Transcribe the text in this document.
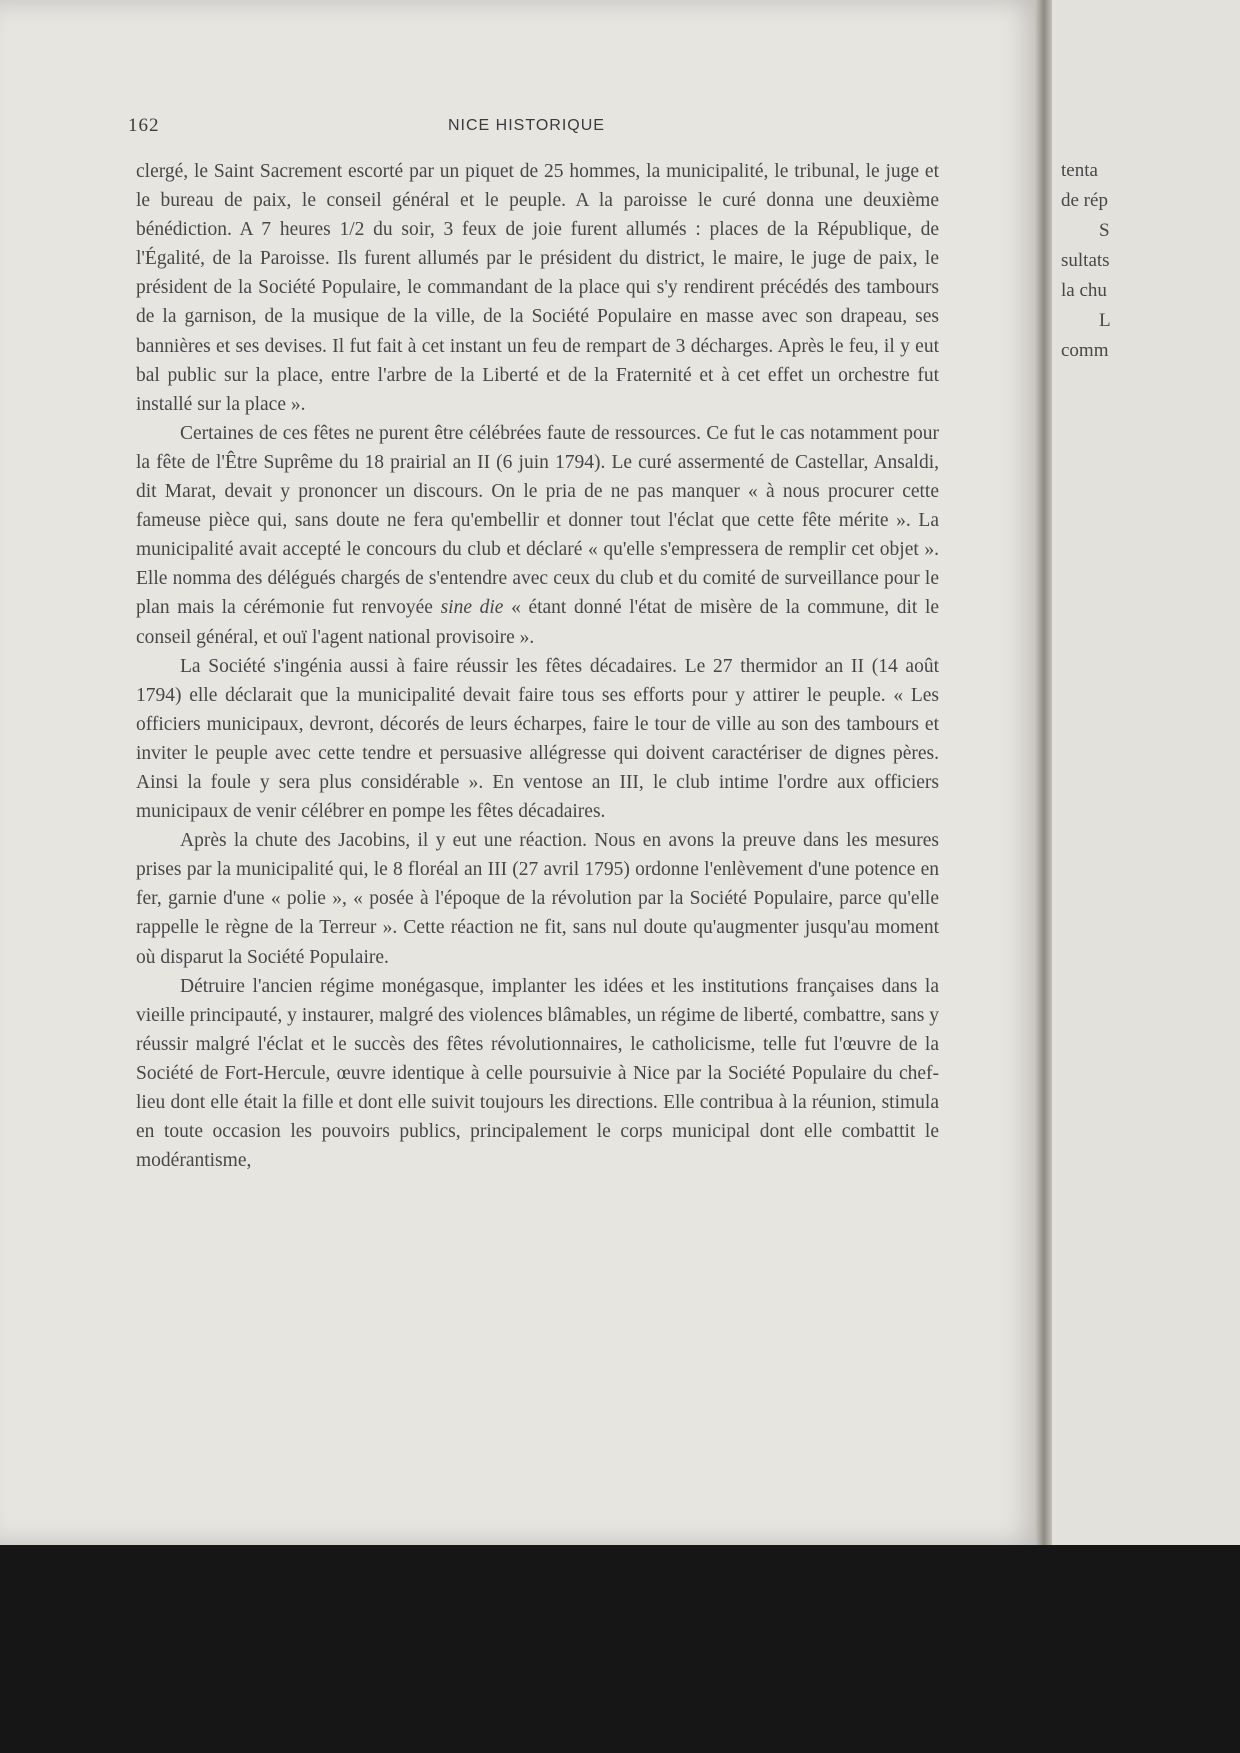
162	NICE HISTORIQUE

clergé, le Saint Sacrement escorté par un piquet de 25 hommes, la municipalité, le tribunal, le juge et le bureau de paix, le conseil général et le peuple. A la paroisse le curé donna une deuxième bénédiction. A 7 heures 1/2 du soir, 3 feux de joie furent allumés : places de la République, de l'Égalité, de la Paroisse. Ils furent allumés par le président du district, le maire, le juge de paix, le président de la Société Populaire, le commandant de la place qui s'y rendirent précédés des tambours de la garnison, de la musique de la ville, de la Société Populaire en masse avec son drapeau, ses bannières et ses devises. Il fut fait à cet instant un feu de rempart de 3 décharges. Après le feu, il y eut bal public sur la place, entre l'arbre de la Liberté et de la Fraternité et à cet effet un orchestre fut installé sur la place ».

Certaines de ces fêtes ne purent être célébrées faute de ressources. Ce fut le cas notamment pour la fête de l'Être Suprême du 18 prairial an II (6 juin 1794). Le curé assermenté de Castellar, Ansaldi, dit Marat, devait y prononcer un discours. On le pria de ne pas manquer « à nous procurer cette fameuse pièce qui, sans doute ne fera qu'embellir et donner tout l'éclat que cette fête mérite ». La municipalité avait accepté le concours du club et déclaré « qu'elle s'empressera de remplir cet objet ». Elle nomma des délégués chargés de s'entendre avec ceux du club et du comité de surveillance pour le plan mais la cérémonie fut renvoyée sine die « étant donné l'état de misère de la commune, dit le conseil général, et ouï l'agent national provisoire ».

La Société s'ingénia aussi à faire réussir les fêtes décadaires. Le 27 thermidor an II (14 août 1794) elle déclarait que la municipalité devait faire tous ses efforts pour y attirer le peuple. « Les officiers municipaux, devront, décorés de leurs écharpes, faire le tour de ville au son des tambours et inviter le peuple avec cette tendre et persuasive allégresse qui doivent caractériser de dignes pères. Ainsi la foule y sera plus considérable ». En ventose an III, le club intime l'ordre aux officiers municipaux de venir célébrer en pompe les fêtes décadaires.

Après la chute des Jacobins, il y eut une réaction. Nous en avons la preuve dans les mesures prises par la municipalité qui, le 8 floréal an III (27 avril 1795) ordonne l'enlèvement d'une potence en fer, garnie d'une « polie », « posée à l'époque de la révolution par la Société Populaire, parce qu'elle rappelle le règne de la Terreur ». Cette réaction ne fit, sans nul doute qu'augmenter jusqu'au moment où disparut la Société Populaire.

Détruire l'ancien régime monégasque, implanter les idées et les institutions françaises dans la vieille principauté, y instaurer, malgré des violences blâmables, un régime de liberté, combattre, sans y réussir malgré l'éclat et le succès des fêtes révolutionnaires, le catholicisme, telle fut l'œuvre de la Société de Fort-Hercule, œuvre identique à celle poursuivie à Nice par la Société Populaire du chef-lieu dont elle était la fille et dont elle suivit toujours les directions. Elle contribua à la réunion, stimula en toute occasion les pouvoirs publics, principalement le corps municipal dont elle combattit le modérantisme,

tenta
de rép
S
sultats
la chu
L
comm
